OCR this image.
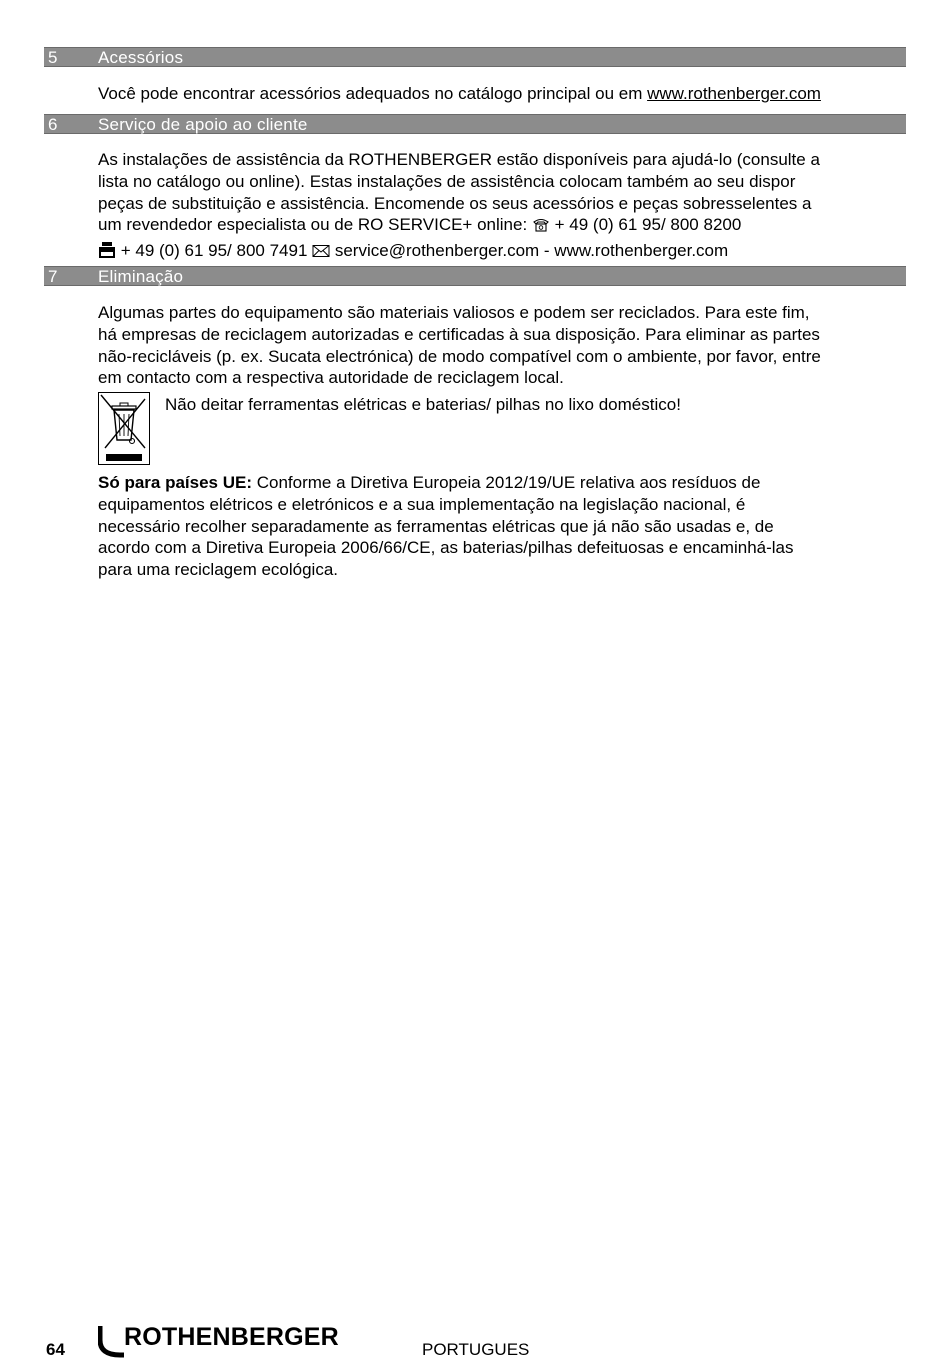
5 Acessórios

Você pode encontrar acessórios adequados no catálogo principal ou em www.rothenberger.com

6 Serviço de apoio ao cliente
As instalações de assistência da ROTHENBERGER estão disponíveis para ajudá-lo (consulte a
lista no catálogo ou online). Estas instalações de assistência colocam também ao seu dispor
peças de substituição e assistência. Encomende os seus acessórios e peças sobresselentes a
um revendedor especialista ou de RO SERVICE+ online:  + 49 (0) 61 95/ 800 8200
+ 49 (0) 61 95/ 800 7491  service@rothenberger.com - www.rothenberger.com
7 Eliminação
Algumas partes do equipamento são materiais valiosos e podem ser reciclados. Para este fim,
há empresas de reciclagem autorizadas e certificadas à sua disposição. Para eliminar as partes
não-recicláveis (p. ex. Sucata electrónica) de modo compatível com o ambiente, por favor, entre
em contacto com a respectiva autoridade de reciclagem local.
Não deitar ferramentas elétricas e baterias/ pilhas no lixo doméstico!
Só para países UE: Conforme a Diretiva Europeia 2012/19/UE relativa aos resíduos de
equipamentos elétricos e eletrónicos e a sua implementação na legislação nacional, é
necessário recolher separadamente as ferramentas elétricas que já não são usadas e, de
acordo com a Diretiva Europeia 2006/66/CE, as baterias/pilhas defeituosas e encaminhá-las
para uma reciclagem ecológica.
64 ROTHENBERGER	PORTUGUES
